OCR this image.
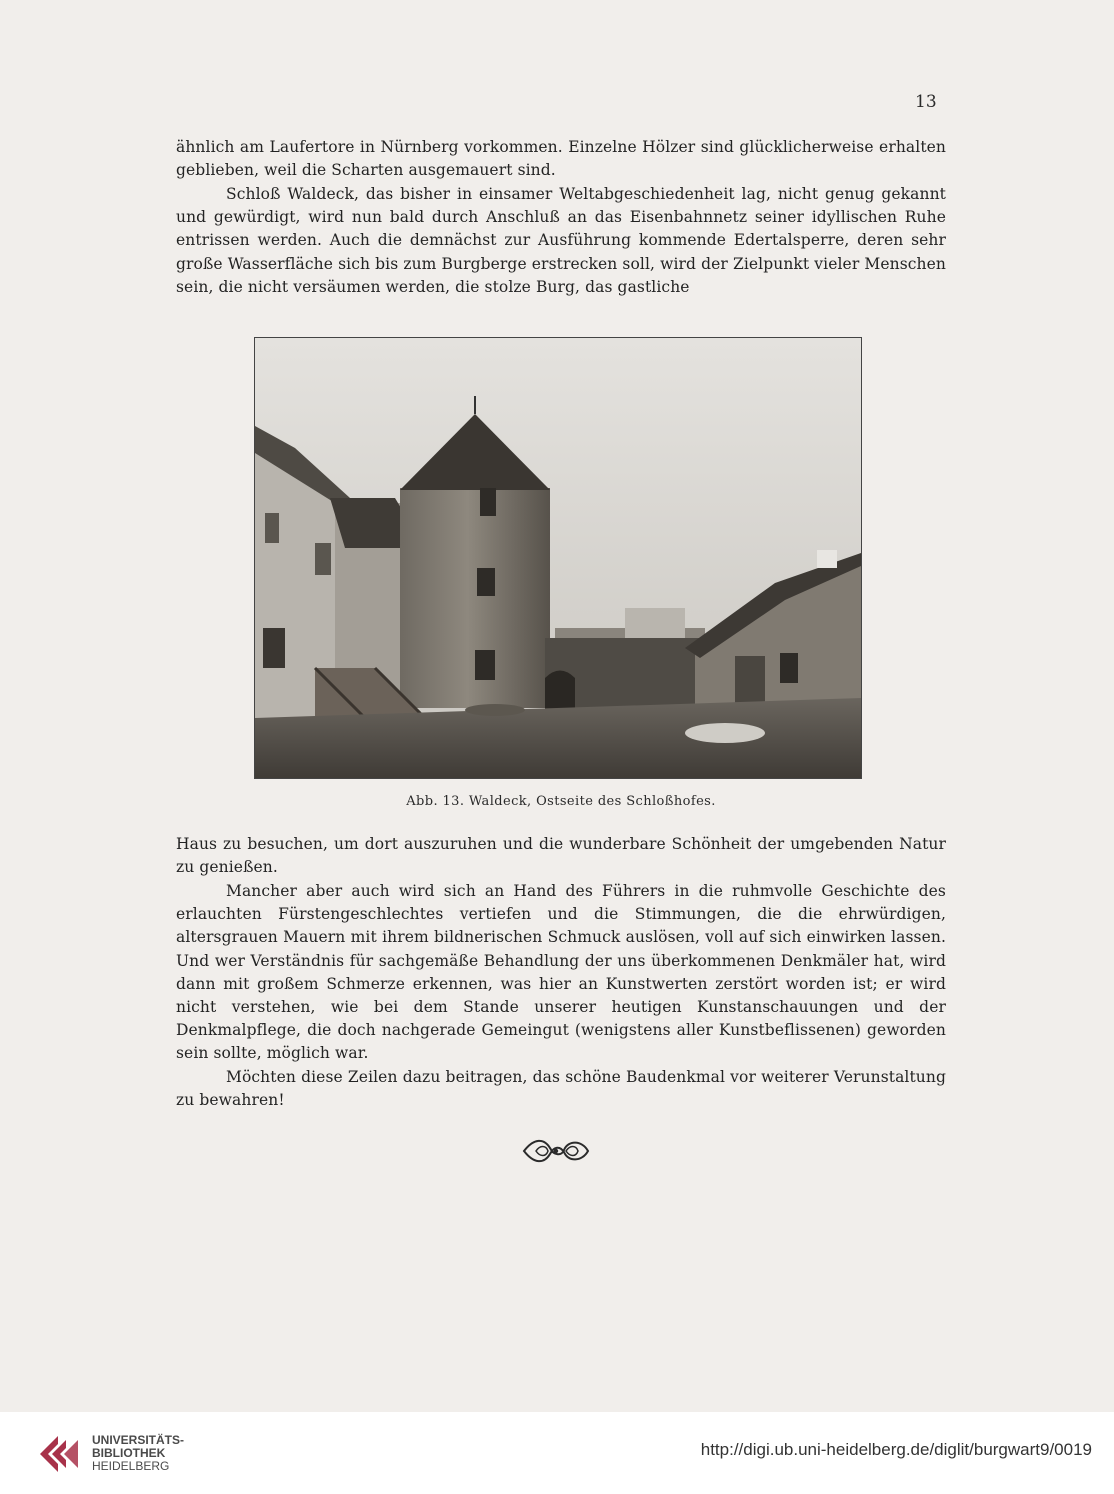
13

ähnlich am Laufertore in Nürnberg vorkommen. Einzelne Hölzer sind glücklicherweise erhalten geblieben, weil die Scharten ausgemauert sind.

Schloß Waldeck, das bisher in einsamer Weltabgeschiedenheit lag, nicht genug gekannt und gewürdigt, wird nun bald durch Anschluß an das Eisenbahnnetz seiner idyllischen Ruhe entrissen werden. Auch die demnächst zur Ausführung kommende Edertalsperre, deren sehr große Wasserfläche sich bis zum Burgberge erstrecken soll, wird der Zielpunkt vieler Menschen sein, die nicht versäumen werden, die stolze Burg, das gastliche

Abb. 13. Waldeck, Ostseite des Schloßhofes.

Haus zu besuchen, um dort auszuruhen und die wunderbare Schönheit der umgebenden Natur zu genießen.

Mancher aber auch wird sich an Hand des Führers in die ruhmvolle Geschichte des erlauchten Fürstengeschlechtes vertiefen und die Stimmungen, die die ehrwürdigen, altersgrauen Mauern mit ihrem bildnerischen Schmuck auslösen, voll auf sich einwirken lassen. Und wer Verständnis für sachgemäße Behandlung der uns überkommenen Denkmäler hat, wird dann mit großem Schmerze erkennen, was hier an Kunstwerten zerstört worden ist; er wird nicht verstehen, wie bei dem Stande unserer heutigen Kunstanschauungen und der Denkmalpflege, die doch nachgerade Gemeingut (wenigstens aller Kunstbeflissenen) geworden sein sollte, möglich war.

Möchten diese Zeilen dazu beitragen, das schöne Baudenkmal vor weiterer Verunstaltung zu bewahren!

UNIVERSITÄTS-
BIBLIOTHEK
HEIDELBERG
http://digi.ub.uni-heidelberg.de/diglit/burgwart9/0019
